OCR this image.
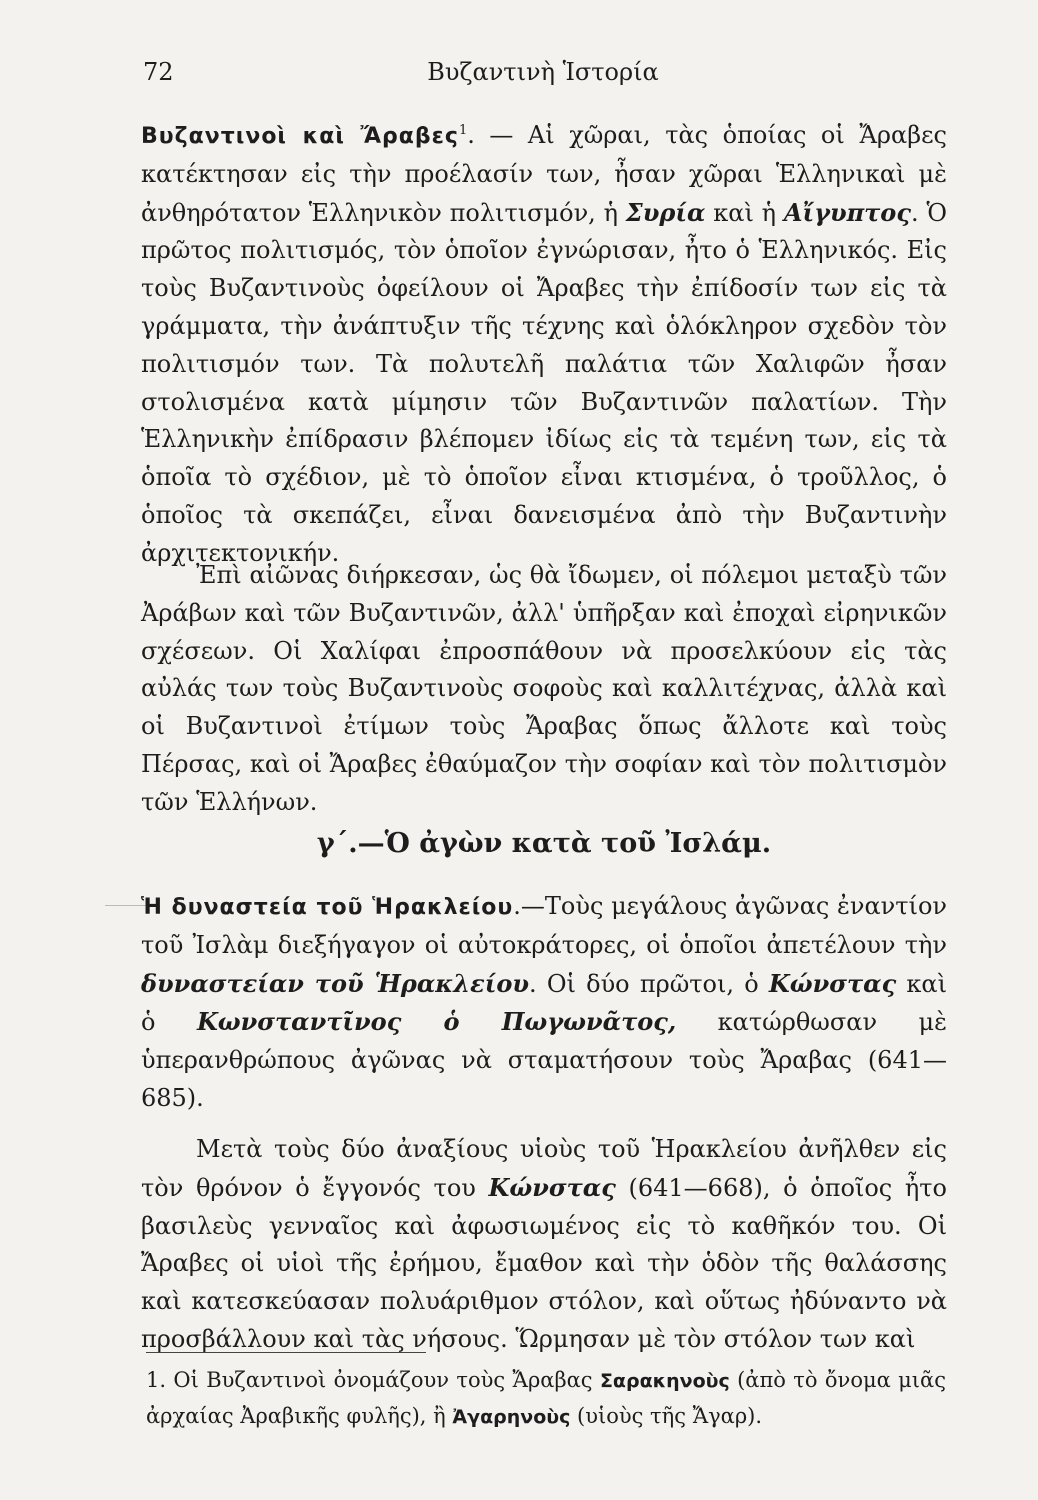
72	Βυζαντινὴ Ἱστορία
Βυζαντινοὶ καὶ Ἄραβες$^1$. — Αἱ χῶραι, τὰς ὁποίας οἱ Ἄραβες κατέκτησαν εἰς τὴν προέλασίν των, ἦσαν χῶραι Ἑλληνικαὶ μὲ ἀνθηρότατον Ἑλληνικὸν πολιτισμόν, ἡ Συρία καὶ ἡ Αἴγυπτος. Ὁ πρῶτος πολιτισμός, τὸν ὁποῖον ἐγνώρισαν, ἦτο ὁ Ἑλληνικός. Εἰς τοὺς Βυζαντινοὺς ὀφείλουν οἱ Ἄραβες τὴν ἐπίδοσίν των εἰς τὰ γράμματα, τὴν ἀνάπτυξιν τῆς τέχνης καὶ ὁλόκληρον σχεδὸν τὸν πολιτισμόν των. Τὰ πολυτελῆ παλάτια τῶν Χαλιφῶν ἦσαν στολισμένα κατὰ μίμησιν τῶν Βυζαντινῶν παλατίων. Τὴν Ἑλληνικὴν ἐπίδρασιν βλέπομεν ἰδίως εἰς τὰ τεμένη των, εἰς τὰ ὁποῖα τὸ σχέδιον, μὲ τὸ ὁποῖον εἶναι κτισμένα, ὁ τροῦλλος, ὁ ὁποῖος τὰ σκεπάζει, εἶναι δανεισμένα ἀπὸ τὴν Βυζαντινὴν ἀρχιτεκτονικήν.
Ἐπὶ αἰῶνας διήρκεσαν, ὡς θὰ ἴδωμεν, οἱ πόλεμοι μεταξὺ τῶν Ἀράβων καὶ τῶν Βυζαντινῶν, ἀλλ' ὑπῆρξαν καὶ ἐποχαὶ εἰρηνικῶν σχέσεων. Οἱ Χαλίφαι ἐπροσπάθουν νὰ προσελκύουν εἰς τὰς αὐλάς των τοὺς Βυζαντινοὺς σοφοὺς καὶ καλλιτέχνας, ἀλλὰ καὶ οἱ Βυζαντινοὶ ἐτίμων τοὺς Ἄραβας ὅπως ἄλλοτε καὶ τοὺς Πέρσας, καὶ οἱ Ἄραβες ἐθαύμαζον τὴν σοφίαν καὶ τὸν πολιτισμὸν τῶν Ἑλλήνων.
γ´.—Ὁ ἀγὼν κατὰ τοῦ Ἰσλάμ.
Ἡ δυναστεία τοῦ Ἡρακλείου.—Τοὺς μεγάλους ἀγῶνας ἐναντίον τοῦ Ἰσλὰμ διεξήγαγον οἱ αὐτοκράτορες, οἱ ὁποῖοι ἀπετέλουν τὴν δυναστείαν τοῦ Ἡρακλείου. Οἱ δύο πρῶτοι, ὁ Κώνστας καὶ ὁ Κωνσταντῖνος ὁ Πωγωνᾶτος, κατώρθωσαν μὲ ὑπερανθρώπους ἀγῶνας νὰ σταματήσουν τοὺς Ἄραβας (641—685).
Μετὰ τοὺς δύο ἀναξίους υἱοὺς τοῦ Ἡρακλείου ἀνῆλθεν εἰς τὸν θρόνον ὁ ἔγγονός του Κώνστας (641—668), ὁ ὁποῖος ἦτο βασιλεὺς γενναῖος καὶ ἀφωσιωμένος εἰς τὸ καθῆκόν του. Οἱ Ἄραβες οἱ υἱοὶ τῆς ἐρήμου, ἔμαθον καὶ τὴν ὁδὸν τῆς θαλάσσης καὶ κατεσκεύασαν πολυάριθμον στόλον, καὶ οὕτως ἠδύναντο νὰ προσβάλλουν καὶ τὰς νήσους. Ὥρμησαν μὲ τὸν στόλον των καὶ
1. Οἱ Βυζαντινοὶ ὀνομάζουν τοὺς Ἄραβας Σαρακηνοὺς (ἀπὸ τὸ ὄνομα μιᾶς ἀρχαίας Ἀραβικῆς φυλῆς), ἢ Ἀγαρηνοὺς (υἱοὺς τῆς Ἄγαρ).
